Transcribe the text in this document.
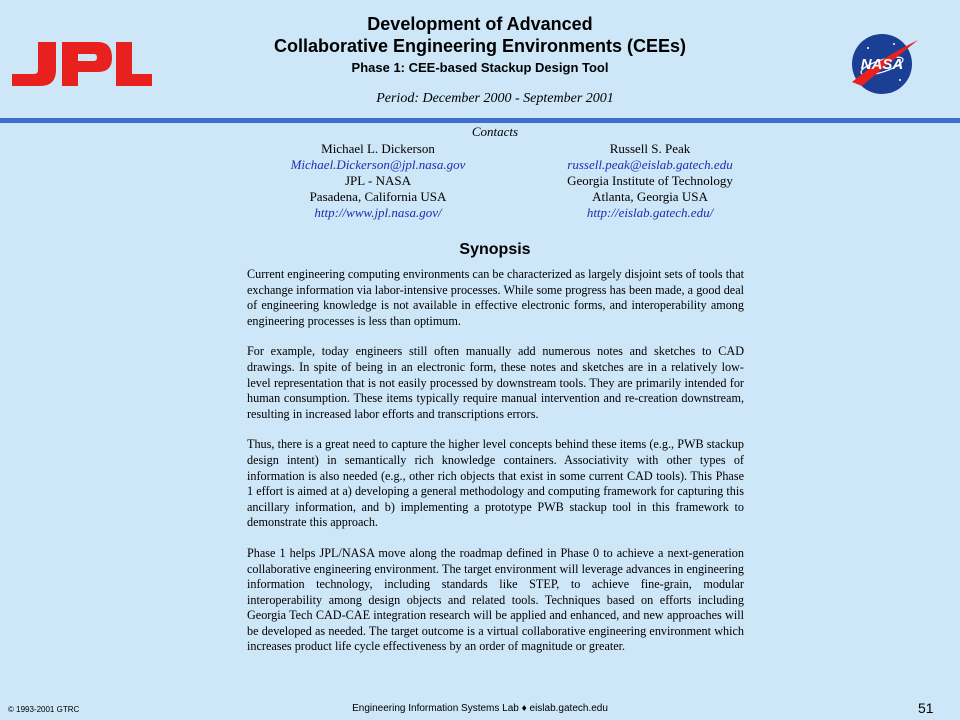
NASA
Development of Advanced
Collaborative Engineering Environments (CEEs)
Phase 1: CEE-based Stackup Design Tool
Period: December 2000 - September 2001
Contacts
Michael L. Dickerson
Michael.Dickerson@jpl.nasa.gov
JPL - NASA
Pasadena, California USA
http://www.jpl.nasa.gov/
Russell S. Peak
russell.peak@eislab.gatech.edu
Georgia Institute of Technology
Atlanta, Georgia USA
http://eislab.gatech.edu/
Synopsis

Current engineering computing environments can be characterized as largely disjoint sets of tools that exchange information via labor-intensive processes. While some progress has been made, a good deal of engineering knowledge is not available in effective electronic forms, and interoperability among engineering processes is less than optimum.

For example, today engineers still often manually add numerous notes and sketches to CAD drawings. In spite of being in an electronic form, these notes and sketches are in a relatively low-level representation that is not easily processed by downstream tools. They are primarily intended for human consumption. These items typically require manual intervention and re-creation downstream, resulting in increased labor efforts and transcriptions errors.

Thus, there is a great need to capture the higher level concepts behind these items (e.g., PWB stackup design intent) in semantically rich knowledge containers. Associativity with other types of information is also needed (e.g., other rich objects that exist in some current CAD tools). This Phase 1 effort is aimed at a) developing a general methodology and computing framework for capturing this ancillary information, and b) implementing a prototype PWB stackup tool in this framework to demonstrate this approach.

Phase 1 helps JPL/NASA move along the roadmap defined in Phase 0 to achieve a next-generation collaborative engineering environment. The target environment will leverage advances in engineering information technology, including standards like STEP, to achieve fine-grain, modular interoperability among design objects and related tools. Techniques based on efforts including Georgia Tech CAD-CAE integration research will be applied and enhanced, and new approaches will be developed as needed. The target outcome is a virtual collaborative engineering environment which increases product life cycle effectiveness by an order of magnitude or greater.

© 1993-2001 GTRC	Engineering Information Systems Lab ♦ eislab.gatech.edu	51
